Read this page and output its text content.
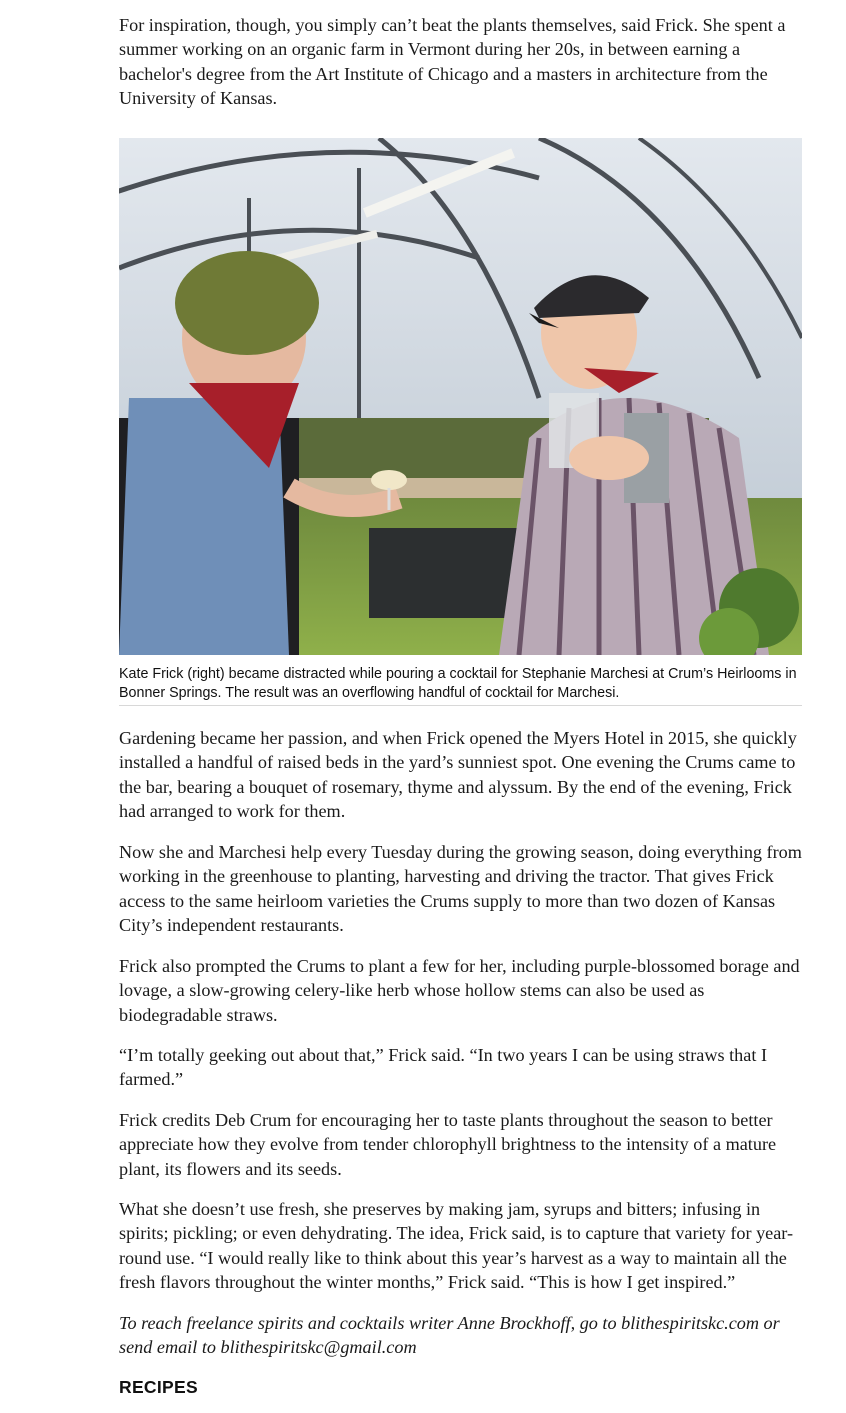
For inspiration, though, you simply can’t beat the plants themselves, said Frick. She spent a summer working on an organic farm in Vermont during her 20s, in between earning a bachelor's degree from the Art Institute of Chicago and a masters in architecture from the University of Kansas.

Kate Frick (right) became distracted while pouring a cocktail for Stephanie Marchesi at Crum’s Heirlooms in Bonner Springs. The result was an overflowing handful of cocktail for Marchesi.

Gardening became her passion, and when Frick opened the Myers Hotel in 2015, she quickly installed a handful of raised beds in the yard’s sunniest spot. One evening the Crums came to the bar, bearing a bouquet of rosemary, thyme and alyssum. By the end of the evening, Frick had arranged to work for them.

Now she and Marchesi help every Tuesday during the growing season, doing everything from working in the greenhouse to planting, harvesting and driving the tractor. That gives Frick access to the same heirloom varieties the Crums supply to more than two dozen of Kansas City’s independent restaurants.

Frick also prompted the Crums to plant a few for her, including purple-blossomed borage and lovage, a slow-growing celery-like herb whose hollow stems can also be used as biodegradable straws.

“I’m totally geeking out about that,” Frick said. “In two years I can be using straws that I farmed.”

Frick credits Deb Crum for encouraging her to taste plants throughout the season to better appreciate how they evolve from tender chlorophyll brightness to the intensity of a mature plant, its flowers and its seeds.

What she doesn’t use fresh, she preserves by making jam, syrups and bitters; infusing in spirits; pickling; or even dehydrating. The idea, Frick said, is to capture that variety for year-round use. “I would really like to think about this year’s harvest as a way to maintain all the fresh flavors throughout the winter months,” Frick said. “This is how I get inspired.”

To reach freelance spirits and cocktails writer Anne Brockhoff, go to blithespiritskc.com or send email to blithespiritskc@gmail.com

RECIPES
